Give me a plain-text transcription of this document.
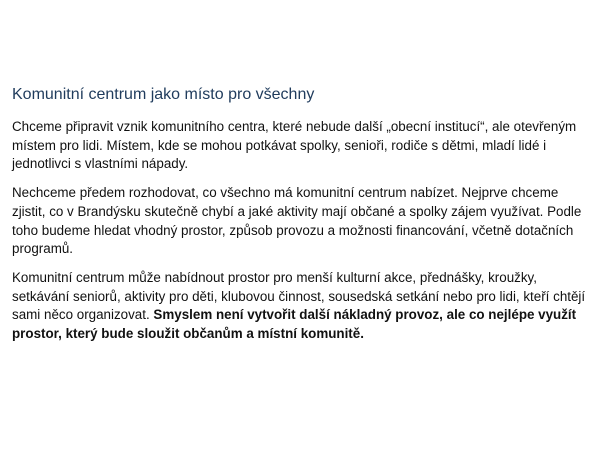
Komunitní centrum jako místo pro všechny

Chceme připravit vznik komunitního centra, které nebude další „obecní institucí“, ale otevřeným místem pro lidi. Místem, kde se mohou potkávat spolky, senioři, rodiče s dětmi, mladí lidé i jednotlivci s vlastními nápady.

Nechceme předem rozhodovat, co všechno má komunitní centrum nabízet. Nejprve chceme zjistit, co v Brandýsku skutečně chybí a jaké aktivity mají občané a spolky zájem využívat. Podle toho budeme hledat vhodný prostor, způsob provozu a možnosti financování, včetně dotačních programů.

Komunitní centrum může nabídnout prostor pro menší kulturní akce, přednášky, kroužky, setkávání seniorů, aktivity pro děti, klubovou činnost, sousedská setkání nebo pro lidi, kteří chtějí sami něco organizovat. Smyslem není vytvořit další nákladný provoz, ale co nejlépe využít prostor, který bude sloužit občanům a místní komunitě.
